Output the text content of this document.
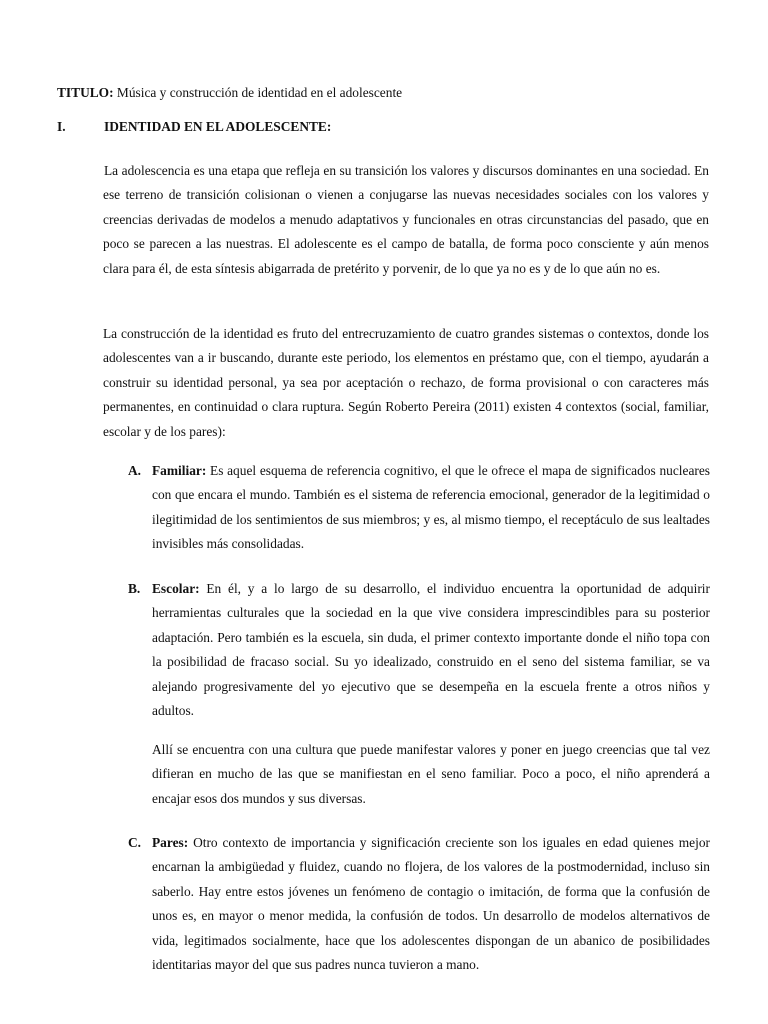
TITULO: Música y construcción de identidad en el adolescente
I.	IDENTIDAD EN EL ADOLESCENTE:

La adolescencia es una etapa que refleja en su transición los valores y discursos dominantes en una sociedad. En ese terreno de transición colisionan o vienen a conjugarse las nuevas necesidades sociales con los valores y creencias derivadas de modelos a menudo adaptativos y funcionales en otras circunstancias del pasado, que en poco se parecen a las nuestras. El adolescente es el campo de batalla, de forma poco consciente y aún menos clara para él, de esta síntesis abigarrada de pretérito y porvenir, de lo que ya no es y de lo que aún no es.

La construcción de la identidad es fruto del entrecruzamiento de cuatro grandes sistemas o contextos, donde los adolescentes van a ir buscando, durante este periodo, los elementos en préstamo que, con el tiempo, ayudarán a construir su identidad personal, ya sea por aceptación o rechazo, de forma provisional o con caracteres más permanentes, en continuidad o clara ruptura. Según Roberto Pereira (2011) existen 4 contextos (social, familiar, escolar y de los pares):

A. Familiar: Es aquel esquema de referencia cognitivo, el que le ofrece el mapa de significados nucleares con que encara el mundo. También es el sistema de referencia emocional, generador de la legitimidad o ilegitimidad de los sentimientos de sus miembros; y es, al mismo tiempo, el receptáculo de sus lealtades invisibles más consolidadas.

B. Escolar: En él, y a lo largo de su desarrollo, el individuo encuentra la oportunidad de adquirir herramientas culturales que la sociedad en la que vive considera imprescindibles para su posterior adaptación. Pero también es la escuela, sin duda, el primer contexto importante donde el niño topa con la posibilidad de fracaso social. Su yo idealizado, construido en el seno del sistema familiar, se va alejando progresivamente del yo ejecutivo que se desempeña en la escuela frente a otros niños y adultos.

Allí se encuentra con una cultura que puede manifestar valores y poner en juego creencias que tal vez difieran en mucho de las que se manifiestan en el seno familiar. Poco a poco, el niño aprenderá a encajar esos dos mundos y sus diversas.

C. Pares: Otro contexto de importancia y significación creciente son los iguales en edad quienes mejor encarnan la ambigüedad y fluidez, cuando no flojera, de los valores de la postmodernidad, incluso sin saberlo. Hay entre estos jóvenes un fenómeno de contagio o imitación, de forma que la confusión de unos es, en mayor o menor medida, la confusión de todos. Un desarrollo de modelos alternativos de vida, legitimados socialmente, hace que los adolescentes dispongan de un abanico de posibilidades identitarias mayor del que sus padres nunca tuvieron a mano.
